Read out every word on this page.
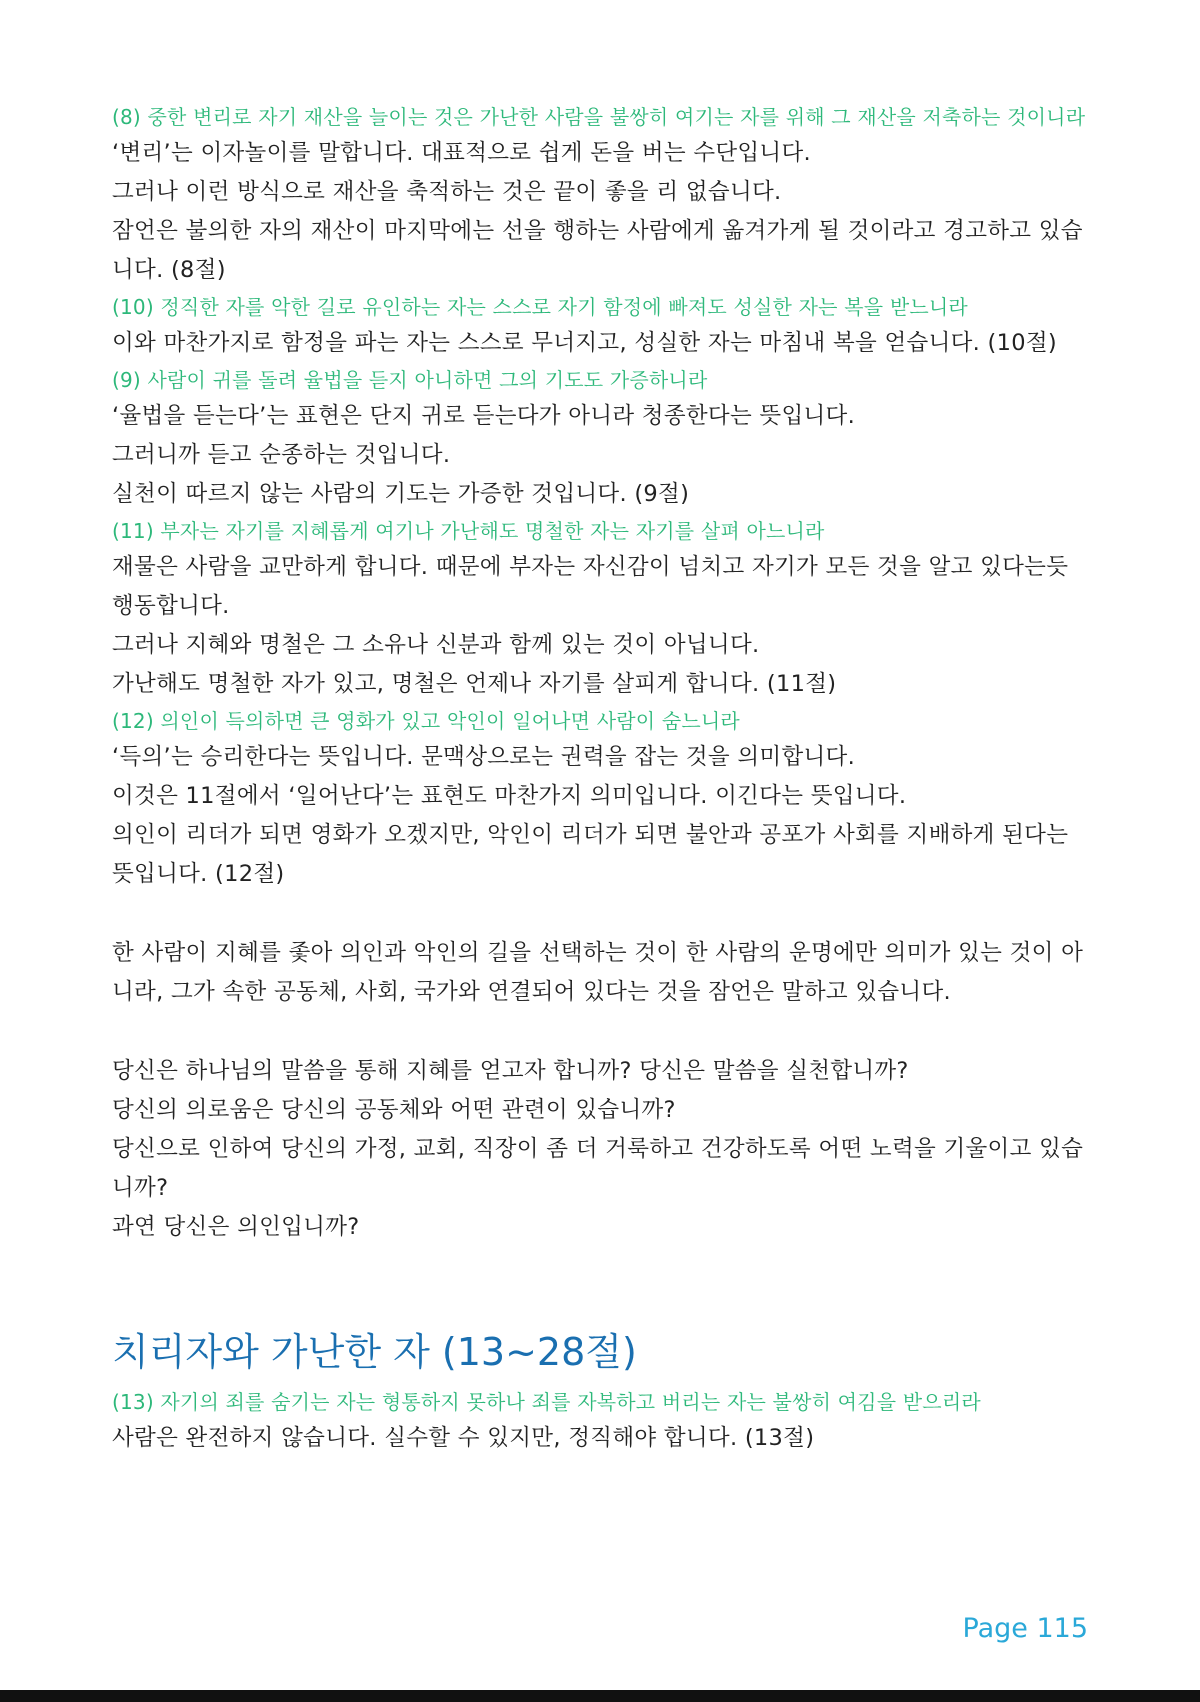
(8) 중한 변리로 자기 재산을 늘이는 것은 가난한 사람을 불쌍히 여기는 자를 위해 그 재산을 저축하는 것이니라
‘변리’는 이자놀이를 말합니다. 대표적으로 쉽게 돈을 버는 수단입니다.
그러나 이런 방식으로 재산을 축적하는 것은 끝이 좋을 리 없습니다.
잠언은 불의한 자의 재산이 마지막에는 선을 행하는 사람에게 옮겨가게 될 것이라고 경고하고 있습니다. (8절)
(10) 정직한 자를 악한 길로 유인하는 자는 스스로 자기 함정에 빠져도 성실한 자는 복을 받느니라
이와 마찬가지로 함정을 파는 자는 스스로 무너지고, 성실한 자는 마침내 복을 얻습니다. (10절)
(9) 사람이 귀를 돌려 율법을 듣지 아니하면 그의 기도도 가증하니라
‘율법을 듣는다’는 표현은 단지 귀로 듣는다가 아니라 청종한다는 뜻입니다.
그러니까 듣고 순종하는 것입니다.
실천이 따르지 않는 사람의 기도는 가증한 것입니다. (9절)
(11) 부자는 자기를 지혜롭게 여기나 가난해도 명철한 자는 자기를 살펴 아느니라
재물은 사람을 교만하게 합니다. 때문에 부자는 자신감이 넘치고 자기가 모든 것을 알고 있다는듯 행동합니다.
그러나 지혜와 명철은 그 소유나 신분과 함께 있는 것이 아닙니다.
가난해도 명철한 자가 있고, 명철은 언제나 자기를 살피게 합니다. (11절)
(12) 의인이 득의하면 큰 영화가 있고 악인이 일어나면 사람이 숨느니라
‘득의’는 승리한다는 뜻입니다. 문맥상으로는 권력을 잡는 것을 의미합니다.
이것은 11절에서 ‘일어난다’는 표현도 마찬가지 의미입니다. 이긴다는 뜻입니다.
의인이 리더가 되면 영화가 오겠지만, 악인이 리더가 되면 불안과 공포가 사회를 지배하게 된다는 뜻입니다. (12절)
한 사람이 지혜를 좇아 의인과 악인의 길을 선택하는 것이 한 사람의 운명에만 의미가 있는 것이 아니라, 그가 속한 공동체, 사회, 국가와 연결되어 있다는 것을 잠언은 말하고 있습니다.
당신은 하나님의 말씀을 통해 지혜를 얻고자 합니까? 당신은 말씀을 실천합니까?
당신의 의로움은 당신의 공동체와 어떤 관련이 있습니까?
당신으로 인하여 당신의 가정, 교회, 직장이 좀 더 거룩하고 건강하도록 어떤 노력을 기울이고 있습니까?
과연 당신은 의인입니까?
치리자와 가난한 자 (13~28절)
(13) 자기의 죄를 숨기는 자는 형통하지 못하나 죄를 자복하고 버리는 자는 불쌍히 여김을 받으리라
사람은 완전하지 않습니다. 실수할 수 있지만, 정직해야 합니다. (13절)
Page 115
